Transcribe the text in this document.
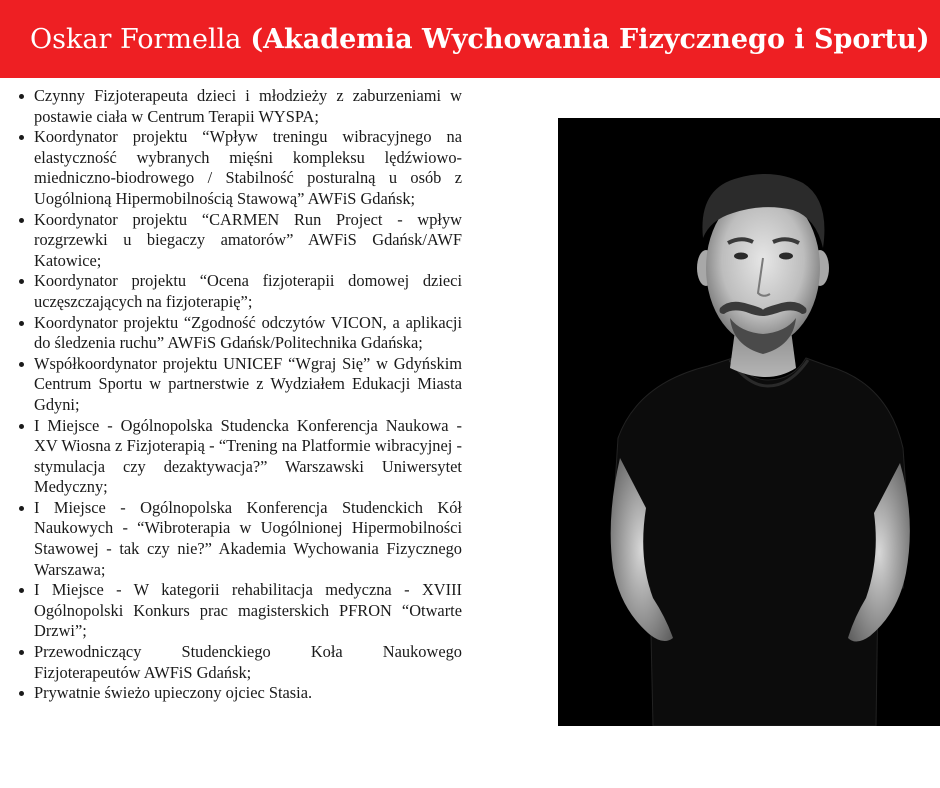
Oskar Formella (Akademia Wychowania Fizycznego i Sportu)
Czynny Fizjoterapeuta dzieci i młodzieży z zaburzeniami w postawie ciała w Centrum Terapii WYSPA;
Koordynator projektu “Wpływ treningu wibracyjnego na elastyczność wybranych mięśni kompleksu lędźwiowo-miedniczno-biodrowego / Stabilność posturalną u osób z Uogólnioną Hipermobilnością Stawową” AWFiS Gdańsk;
Koordynator projektu “CARMEN Run Project - wpływ rozgrzewki u biegaczy amatorów” AWFiS Gdańsk/AWF Katowice;
Koordynator projektu “Ocena fizjoterapii domowej dzieci uczęszczających na fizjoterapię”;
Koordynator projektu “Zgodność odczytów VICON, a aplikacji do śledzenia ruchu” AWFiS Gdańsk/Politechnika Gdańska;
Współkoordynator projektu UNICEF “Wgraj Się” w Gdyńskim Centrum Sportu w partnerstwie z Wydziałem Edukacji Miasta Gdyni;
I Miejsce - Ogólnopolska Studencka Konferencja Naukowa - XV Wiosna z Fizjoterapią - “Trening na Platformie wibracyjnej - stymulacja czy dezaktywacja?” Warszawski Uniwersytet Medyczny;
I Miejsce - Ogólnopolska Konferencja Studenckich Kół Naukowych - “Wibroterapia w Uogólnionej Hipermobilności Stawowej - tak czy nie?” Akademia Wychowania Fizycznego Warszawa;
I Miejsce - W kategorii rehabilitacja medyczna - XVIII Ogólnopolski Konkurs prac magisterskich PFRON “Otwarte Drzwi”;
Przewodniczący Studenckiego Koła Naukowego Fizjoterapeutów AWFiS Gdańsk;
Prywatnie świeżo upieczony ojciec Stasia.
